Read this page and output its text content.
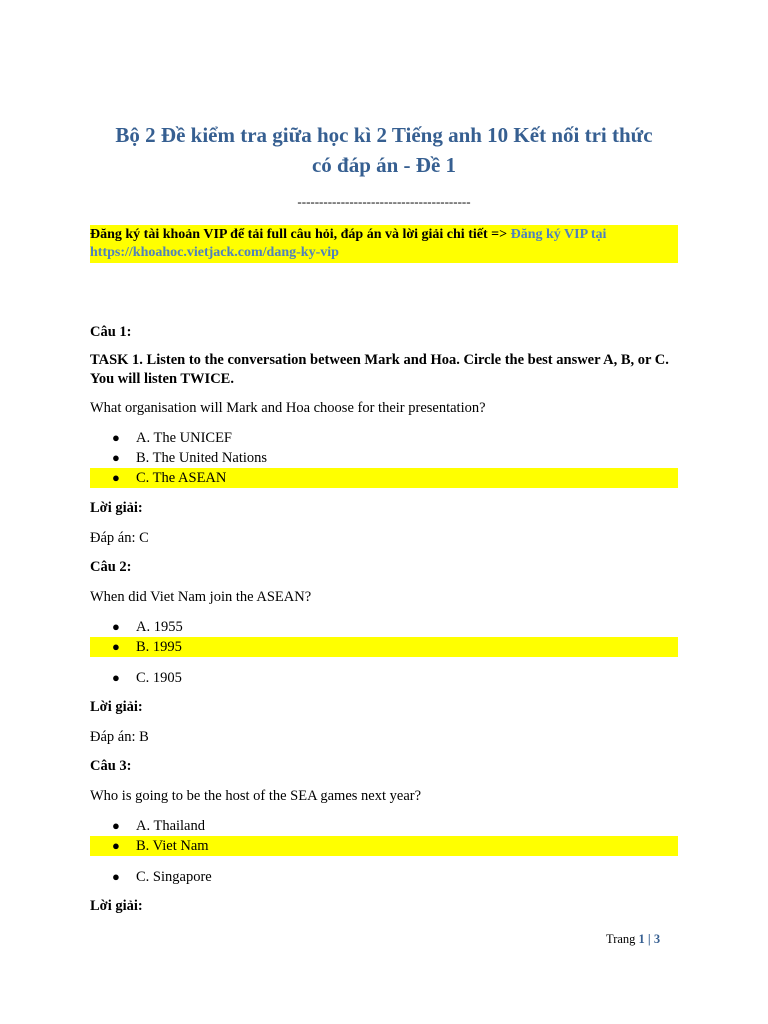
Bộ 2 Đề kiểm tra giữa học kì 2 Tiếng anh 10 Kết nối tri thức
có đáp án - Đề 1
----------------------------------------
Đăng ký tài khoản VIP để tải full câu hỏi, đáp án và lời giải chi tiết => Đăng ký VIP tại https://khoahoc.vietjack.com/dang-ky-vip
Câu 1:

TASK 1. Listen to the conversation between Mark and Hoa. Circle the best answer A, B, or C. You will listen TWICE.

What organisation will Mark and Hoa choose for their presentation?

● A. The UNICEF
● B. The United Nations
● C. The ASEAN

Lời giải:

Đáp án: C

Câu 2:

When did Viet Nam join the ASEAN?

● A. 1955
● B. 1995
● C. 1905

Lời giải:

Đáp án: B

Câu 3:

Who is going to be the host of the SEA games next year?

● A. Thailand
● B. Viet Nam
● C. Singapore

Lời giải:

Trang 1 | 3
